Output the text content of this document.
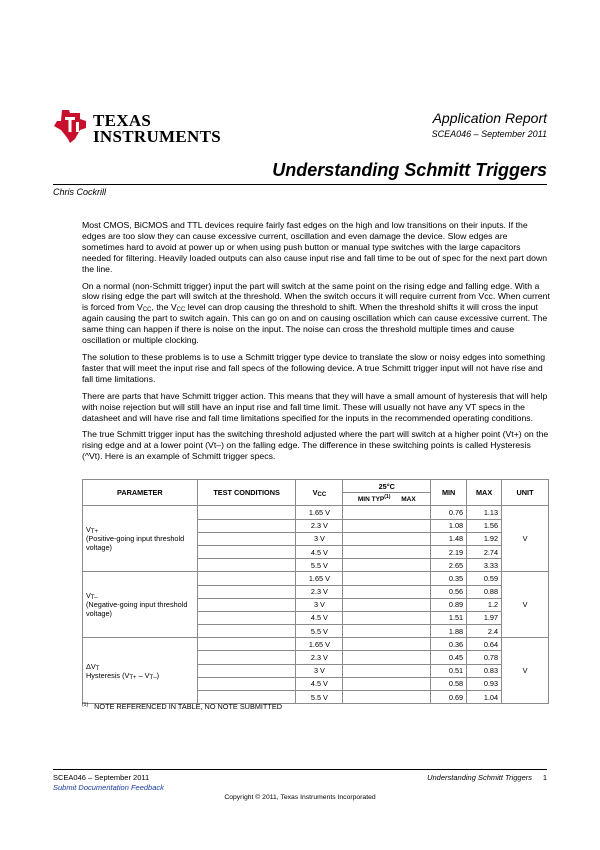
TEXAS
INSTRUMENTS
Application Report
SCEA046 – September 2011
Understanding Schmitt Triggers
Chris Cockrill

Most CMOS, BiCMOS and TTL devices require fairly fast edges on the high and low transitions on their inputs. If the edges are too slow they can cause excessive current, oscillation and even damage the device. Slow edges are sometimes hard to avoid at power up or when using push button or manual type switches with the large capacitors needed for filtering. Heavily loaded outputs can also cause input rise and fall time to be out of spec for the next part down the line.

On a normal (non-Schmitt trigger) input the part will switch at the same point on the rising edge and falling edge. With a slow rising edge the part will switch at the threshold. When the switch occurs it will require current from Vcc. When current is forced from $V_{CC}$, the $V_{CC}$ level can drop causing the threshold to shift. When the threshold shifts it will cross the input again causing the part to switch again. This can go on and on causing oscillation which can cause excessive current. The same thing can happen if there is noise on the input. The noise can cross the threshold multiple times and cause oscillation or multiple clocking.

The solution to these problems is to use a Schmitt trigger type device to translate the slow or noisy edges into something faster that will meet the input rise and fall specs of the following device. A true Schmitt trigger input will not have rise and fall time limitations.

There are parts that have Schmitt trigger action. This means that they will have a small amount of hysteresis that will help with noise rejection but will still have an input rise and fall time limit. These will usually not have any VT specs in the datasheet and will have rise and fall time limitations specified for the inputs in the recommended operating conditions.

The true Schmitt trigger input has the switching threshold adjusted where the part will switch at a higher point (Vt+) on the rising edge and at a lower point (Vt–) on the falling edge. The difference in these switching points is called Hysteresis (^Vt). Here is an example of Schmitt trigger specs.

PARAMETER	TEST CONDITIONS	$V_{CC}$	25°C	MIN	MAX	UNIT
			MIN TYP$^{(1)}$ MAX			
$V_{T+}$
(Positive-going input threshold voltage)		1.65 V		0.76	1.13	V
		2.3 V		1.08	1.56	
		3 V		1.48	1.92	
		4.5 V		2.19	2.74	
		5.5 V		2.65	3.33	
$V_{T-}$
(Negative-going input threshold voltage)		1.65 V		0.35	0.59	V
		2.3 V		0.56	0.88	
		3 V		0.89	1.2	
		4.5 V		1.51	1.97	
		5.5 V		1.88	2.4	
$\Delta V_T$
Hysteresis $(V_{T+} - V_{T-})$		1.65 V		0.36	0.64	V
		2.3 V		0.45	0.78	
		3 V		0.51	0.83	
		4.5 V		0.58	0.93	
		5.5 V		0.69	1.04	
$^{(1)}$ NOTE REFERENCED IN TABLE, NO NOTE SUBMITTED
SCEA046 – September 2011
Submit Documentation Feedback
Understanding Schmitt Triggers 1
Copyright © 2011, Texas Instruments Incorporated
